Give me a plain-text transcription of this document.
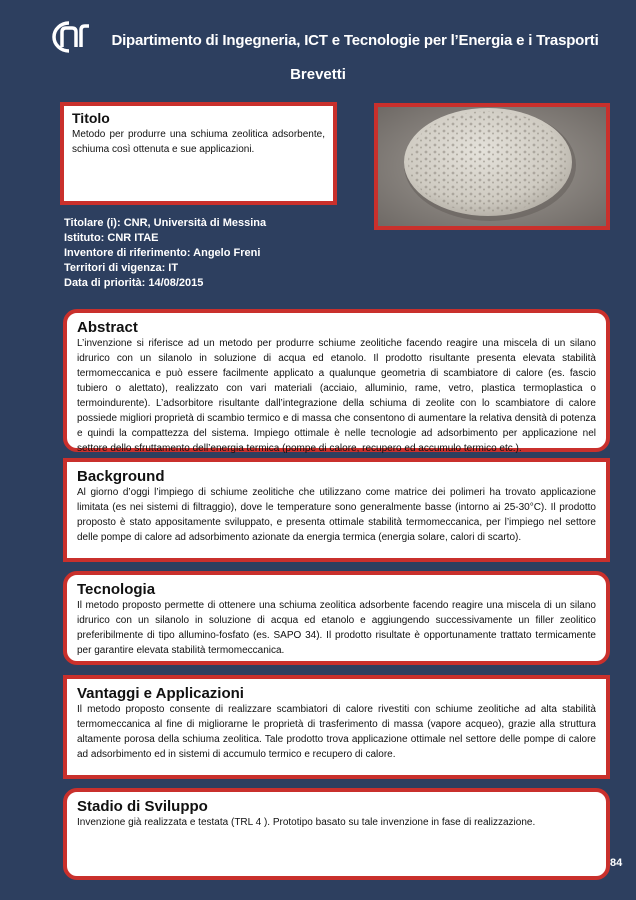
Dipartimento di Ingegneria, ICT e Tecnologie per l’Energia e i Trasporti
Brevetti
Titolo

Metodo per produrre una schiuma zeolitica adsorbente, schiuma così ottenuta e sue applicazioni.

Titolare (i): CNR, Università di Messina
Istituto: CNR ITAE
Inventore di riferimento: Angelo Freni
Territori di vigenza: IT
Data di priorità: 14/08/2015
Abstract

L’invenzione si riferisce ad un metodo per produrre schiume zeolitiche facendo reagire una miscela di un silano idrurico con un silanolo in soluzione di acqua ed etanolo. Il prodotto risultante presenta elevata stabilità termomeccanica e può essere facilmente applicato a qualunque geometria di scambiatore di calore (es. fascio tubiero o alettato), realizzato con vari materiali (acciaio, alluminio, rame, vetro, plastica termoplastica o termoindurente). L’adsorbitore risultante dall’integrazione della schiuma di zeolite con lo scambiatore di calore possiede migliori proprietà di scambio termico e di massa che consentono di aumentare la relativa densità di potenza e quindi la compattezza del sistema. Impiego ottimale è nelle tecnologie ad adsorbimento per applicazione nel settore dello sfruttamento dell’energia termica (pompe di calore, recupero ed accumulo termico etc.).

Background

Al giorno d’oggi l’impiego di schiume zeolitiche che utilizzano come matrice dei polimeri ha trovato applicazione limitata (es nei sistemi di filtraggio), dove le temperature sono generalmente basse (intorno ai 25-30°C). Il prodotto proposto è stato appositamente sviluppato, e presenta ottimale stabilità termomeccanica, per l’impiego nel settore delle pompe di calore ad adsorbimento azionate da energia termica (energia solare, calori di scarto).

Tecnologia

Il metodo proposto permette di ottenere una schiuma zeolitica adsorbente facendo reagire una miscela di un silano idrurico con un silanolo in soluzione di acqua ed etanolo e aggiungendo successivamente un filler zeolitico preferibilmente di tipo allumino-fosfato (es. SAPO 34). Il prodotto risultate è opportunamente trattato termicamente per garantire elevata stabilità termomeccanica.

Vantaggi e Applicazioni

Il metodo proposto consente di realizzare scambiatori di calore rivestiti con schiume zeolitiche ad alta stabilità termomeccanica al fine di migliorarne le proprietà di trasferimento di massa (vapore acqueo), grazie alla struttura altamente porosa della schiuma zeolitica. Tale prodotto trova applicazione ottimale nel settore delle pompe di calore ad adsorbimento ed in sistemi di accumulo termico e recupero di calore.

Stadio di Sviluppo

Invenzione già realizzata e testata (TRL 4 ). Prototipo basato su tale invenzione in fase di realizzazione.

84
